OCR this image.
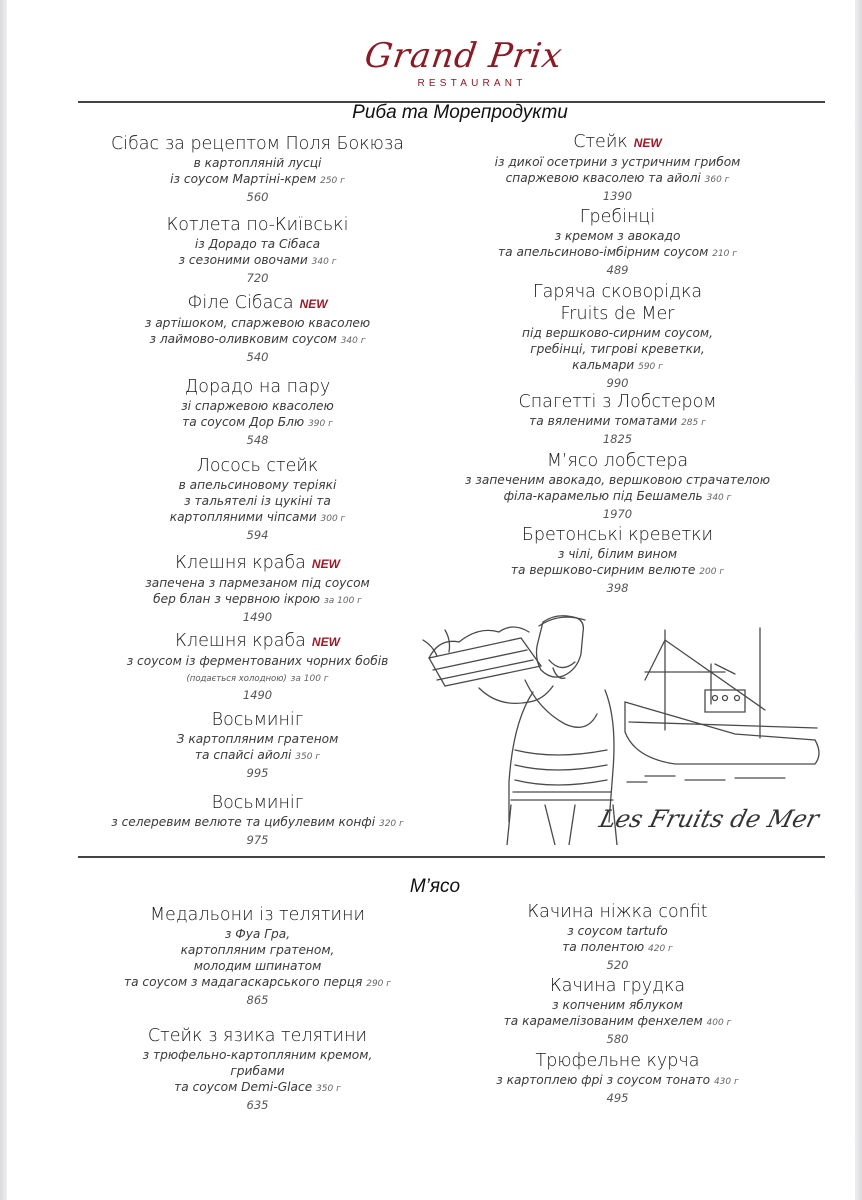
Grand Prix
RESTAURANT
Риба та Морепродукти
Сібас за рецептом Поля Бокюза
в картопляній лусці
із соусом Мартіні-крем 250 г
560
Котлета по-Київські
із Дорадо та Сібаса
з сезоними овочами 340 г
720
Філе Сібаса NEW
з артішоком, спаржевою квасолею
з лаймово-оливковим соусом 340 г
540
Дорадо на пару
зі спаржевою квасолею
та соусом Дор Блю 390 г
548
Лосось стейк
в апельсиновому теріякі
з тальятелі із цукіні та
картопляними чіпсами 300 г
594
Клешня краба NEW
запечена з пармезаном під соусом
бер блан з червною ікрою за 100 г
1490
Клешня краба NEW
з соусом із ферментованих чорних бобів
(подається холодною) за 100 г
1490
Восьминіг
З картопляним гратеном
та спайсі айолі 350 г
995
Восьминіг
з селеревим велюте та цибулевим конфі 320 г
975
Стейк NEW
із дикої осетрини з устричним грибом
спаржевою квасолею та айолі 360 г
1390
Гребінці
з кремом з авокадо
та апельсиново-імбірним соусом 210 г
489
Гаряча сковорідка
Fruits de Mer
під вершково-сирним соусом,
гребінці, тигрові креветки,
кальмари 590 г
990
Спагетті з Лобстером
та вяленими томатами 285 г
1825
М’ясо лобстера
з запеченим авокадо, вершковою страчателою
філа-карамелью під Бешамель 340 г
1970
Бретонські креветки
з чілі, білим вином
та вершково-сирним велюте 200 г
398
Les Fruits de Mer
М’ясо
Медальони із телятини
з Фуа Гра,
картопляним гратеном,
молодим шпинатом
та соусом з мадагаскарського перця 290 г
865
Стейк з язика телятини
з трюфельно-картопляним кремом,
грибами
та соусом Demi-Glace 350 г
635
Качина ніжка confit
з соусом tartufo
та полентою 420 г
520
Качина грудка
з копченим яблуком
та карамелізованим фенхелем 400 г
580
Трюфельне курча
з картоплею фрі з соусом тонато 430 г
495
